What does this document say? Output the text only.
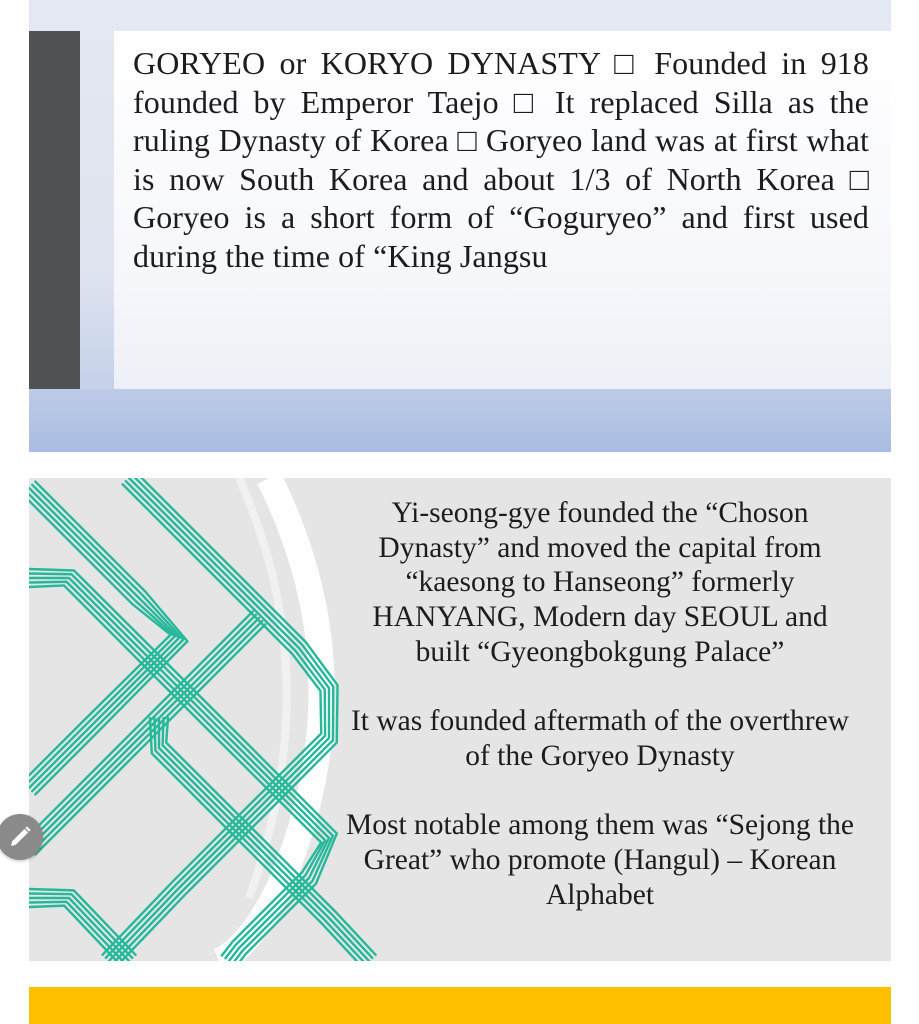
GORYEO or KORYO DYNASTY □ Founded in 918 founded by Emperor Taejo □ It replaced Silla as the ruling Dynasty of Korea □ Goryeo land was at first what is now South Korea and about 1/3 of North Korea □ Goryeo is a short form of “Goguryeo” and first used during the time of “King Jangsu

Yi-seong-gye founded the “Choson Dynasty” and moved the capital from “kaesong to Hanseong” formerly HANYANG, Modern day SEOUL and built “Gyeongbokgung Palace”

It was founded aftermath of the overthrew of the Goryeo Dynasty

Most notable among them was “Sejong the Great” who promote (Hangul) – Korean Alphabet
